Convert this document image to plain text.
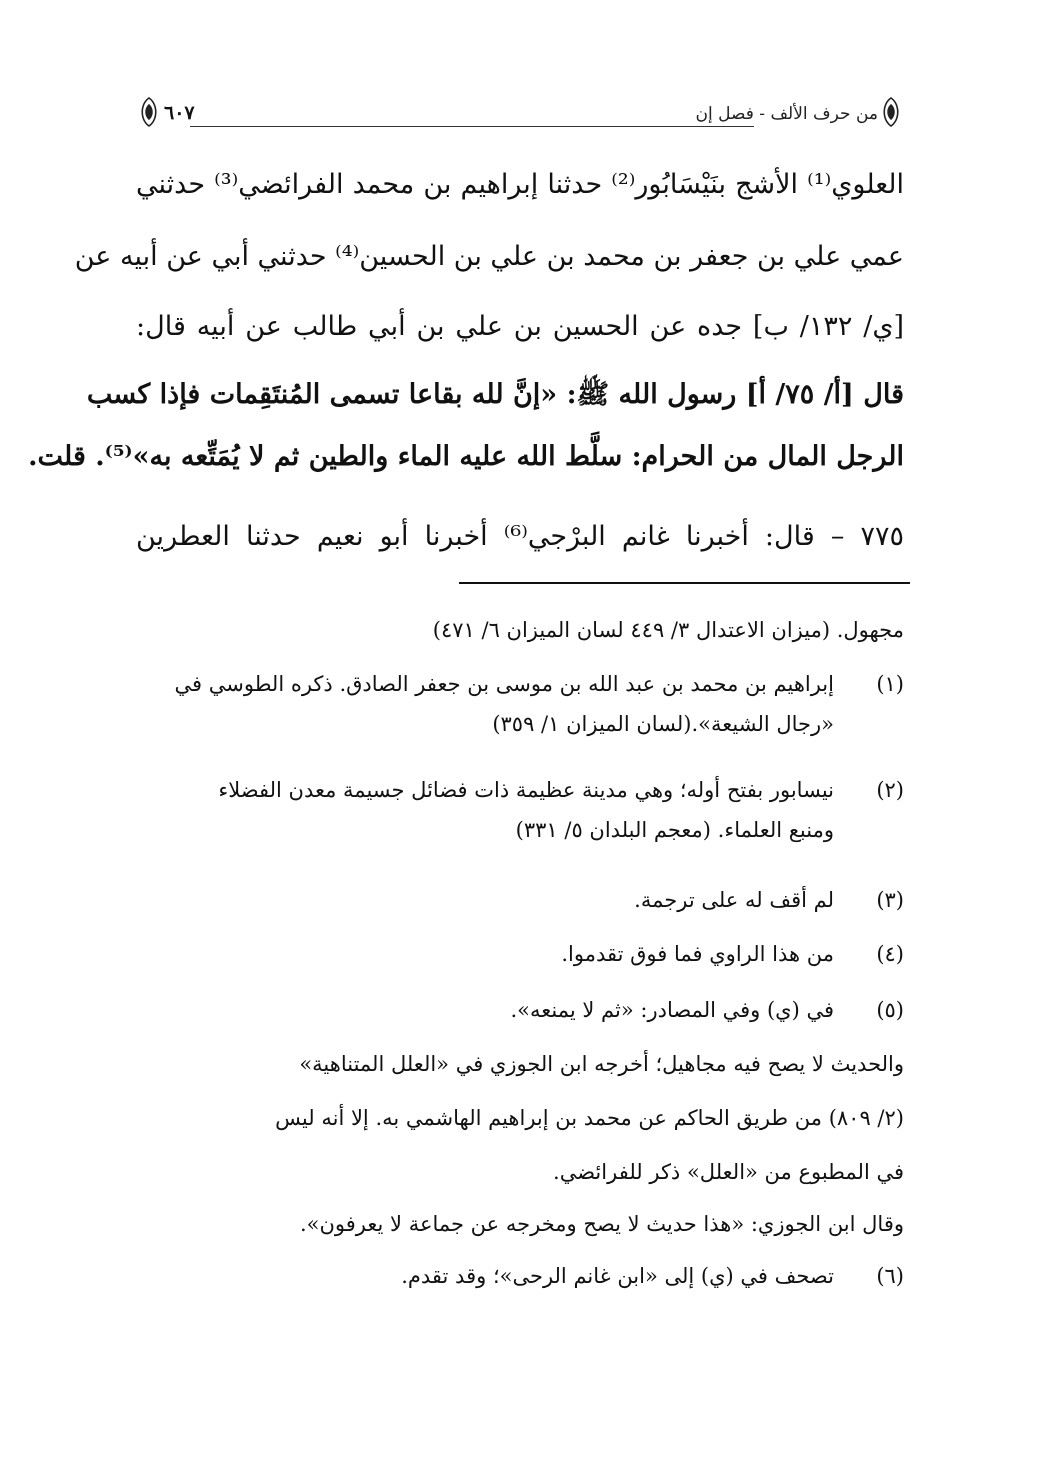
من حرف الألف - فصل إن
٦٠٧
العلوي⁽¹⁾ الأشج بنَيْسَابُور⁽²⁾ حدثنا إبراهيم بن محمد الفرائضي⁽³⁾ حدثني
عمي علي بن جعفر بن محمد بن علي بن الحسين⁽⁴⁾ حدثني أبي عن أبيه عن
[ي/ ١٣٢/ ب] جده عن الحسين بن علي بن أبي طالب عن أبيه قال:
قال [أ/ ٧٥/ أ] رسول الله ﷺ: «إنَّ لله بقاعا تسمى المُنتَقِمات فإذا كسب
الرجل المال من الحرام: سلَّط الله عليه الماء والطين ثم لا يُمَتِّعه به»⁽⁵⁾. قلت.
٧٧٥ – قال: أخبرنا غانم البرْجي⁽⁶⁾ أخبرنا أبو نعيم حدثنا العطرين
مجهول. (ميزان الاعتدال ٣/ ٤٤٩ لسان الميزان ٦/ ٤٧١)
(١)
إبراهيم بن محمد بن عبد الله بن موسى بن جعفر الصادق. ذكره الطوسي في
«رجال الشيعة».(لسان الميزان ١/ ٣٥٩)
(٢)
نيسابور بفتح أوله؛ وهي مدينة عظيمة ذات فضائل جسيمة معدن الفضلاء
ومنبع العلماء. (معجم البلدان ٥/ ٣٣١)
(٣)
لم أقف له على ترجمة.
(٤)
من هذا الراوي فما فوق تقدموا.
(٥)
في (ي) وفي المصادر: «ثم لا يمنعه».
والحديث لا يصح فيه مجاهيل؛ أخرجه ابن الجوزي في «العلل المتناهية»
(٢/ ٨٠٩) من طريق الحاكم عن محمد بن إبراهيم الهاشمي به. إلا أنه ليس
في المطبوع من «العلل» ذكر للفرائضي.
وقال ابن الجوزي: «هذا حديث لا يصح ومخرجه عن جماعة لا يعرفون».
(٦)
تصحف في (ي) إلى «ابن غانم الرحى»؛ وقد تقدم.
